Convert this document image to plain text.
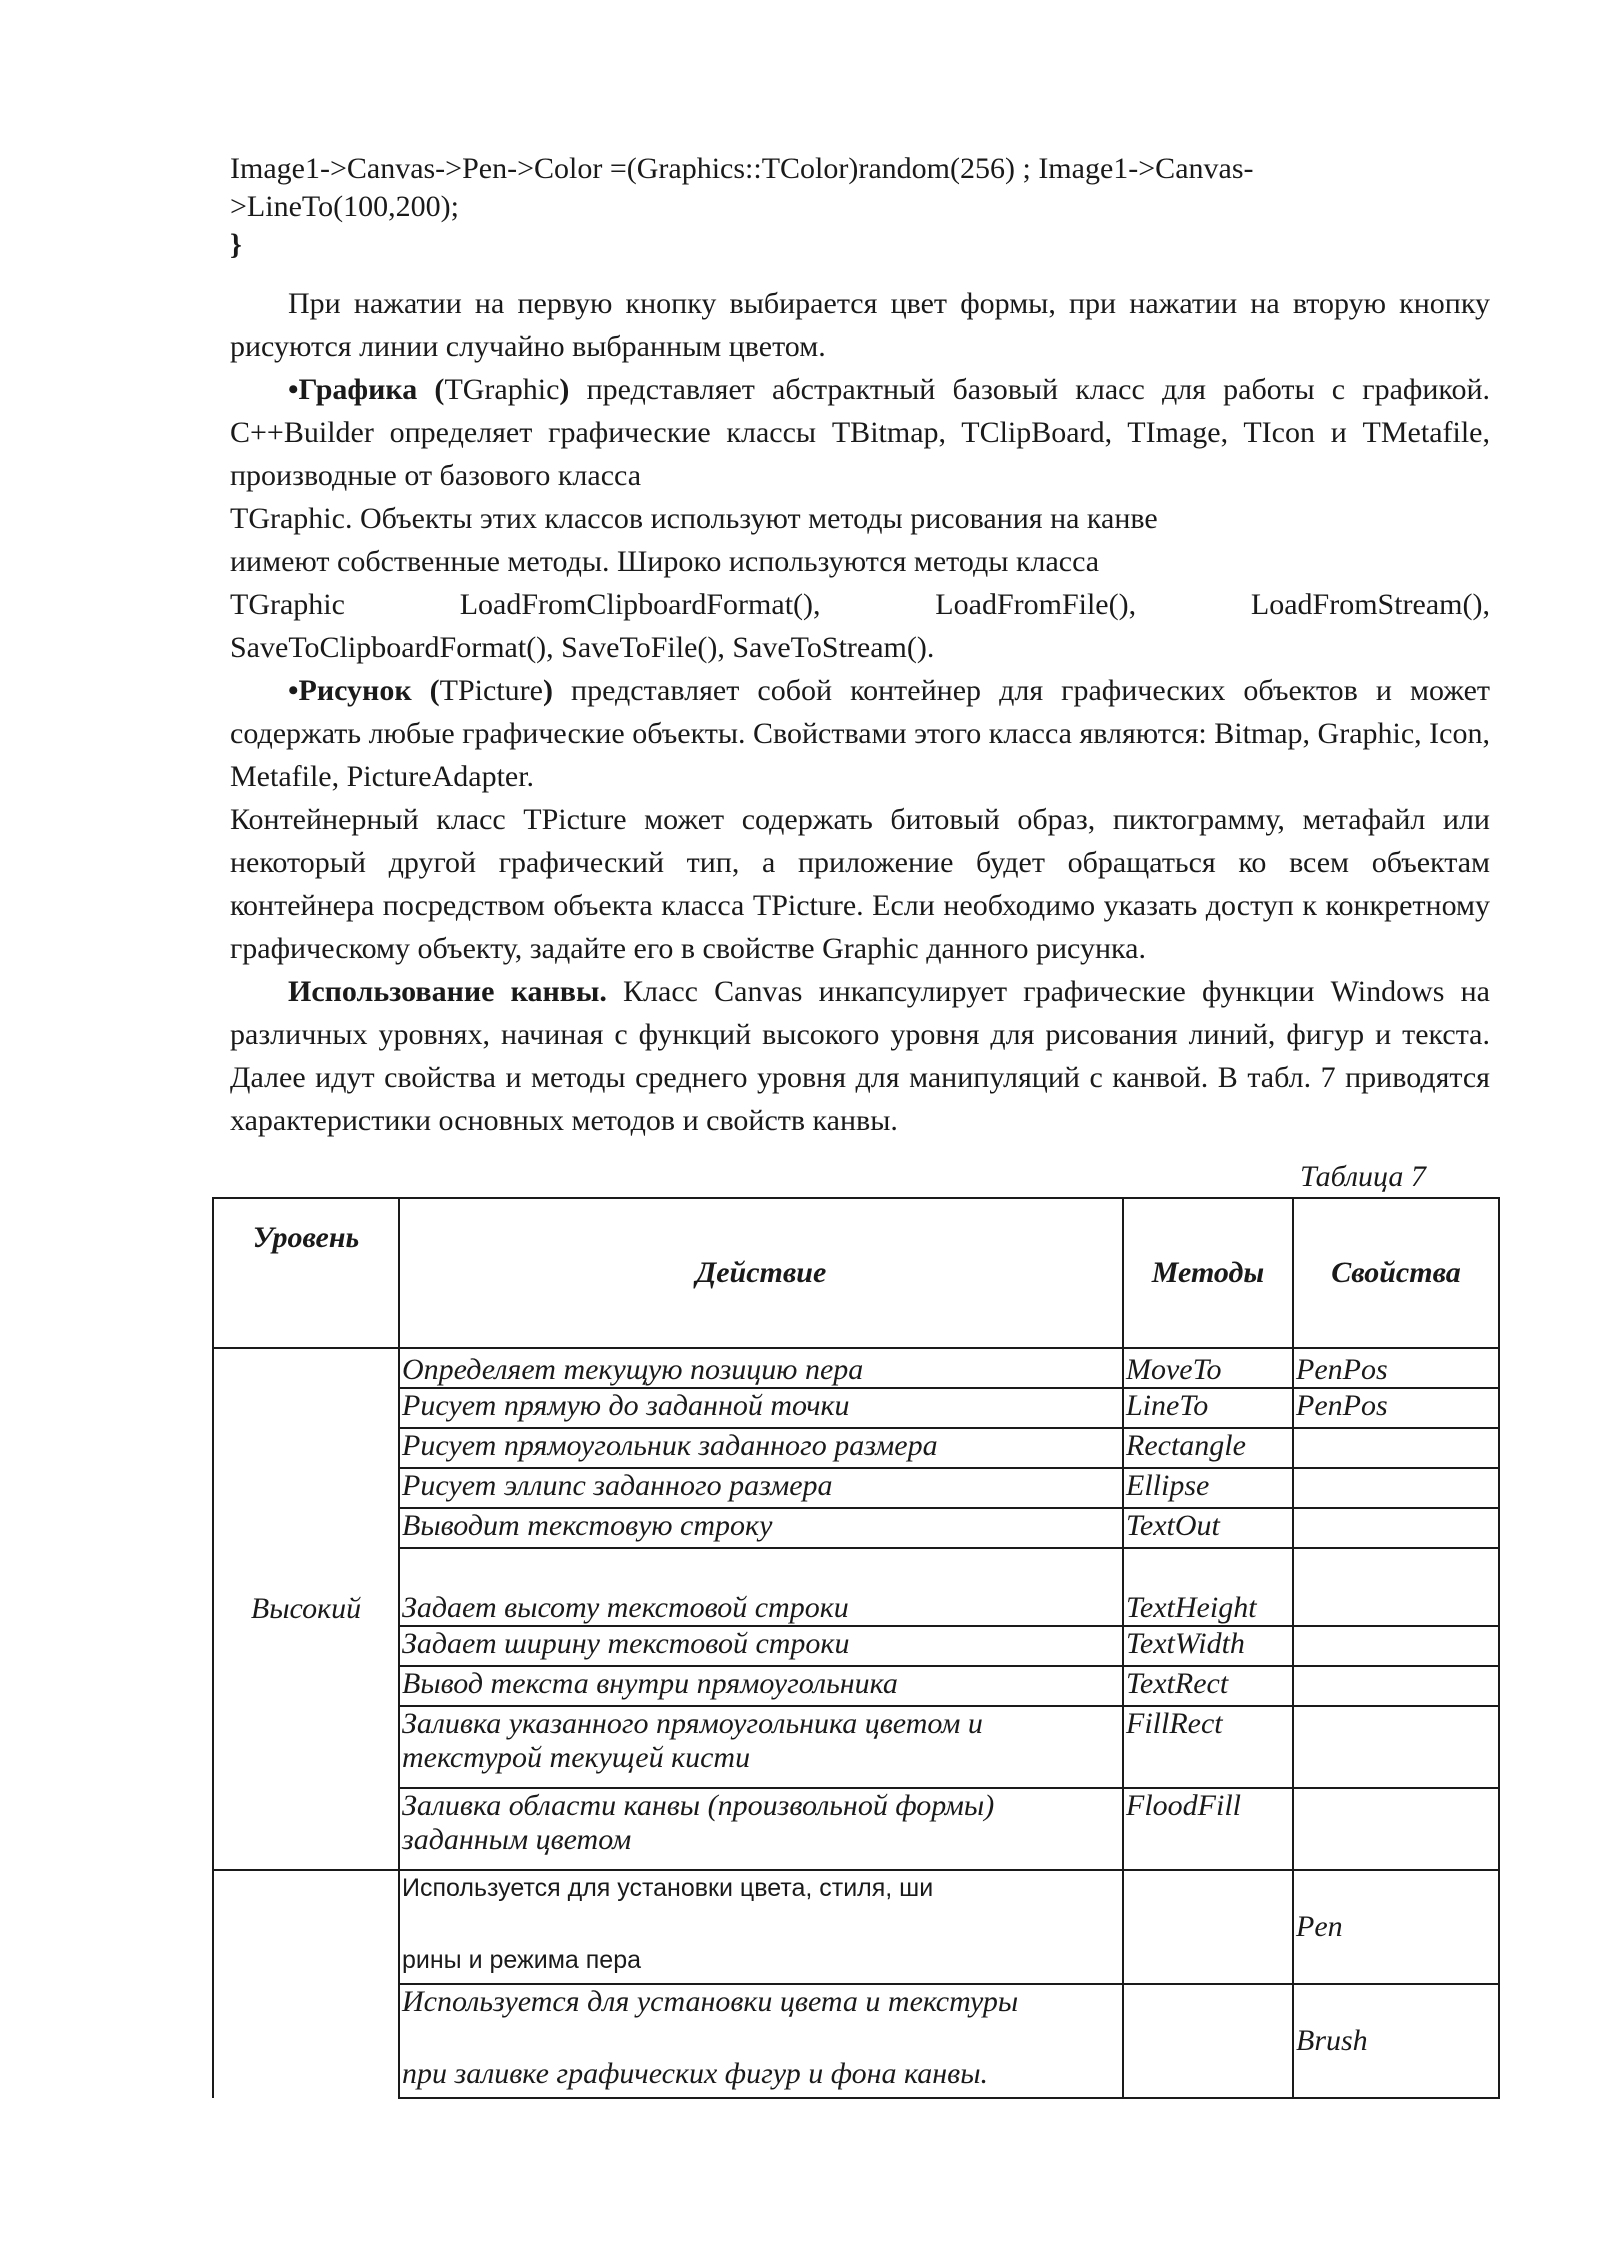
Image1->Canvas->Pen->Color =(Graphics::TColor)random(256) ; Image1->Canvas-
>LineTo(100,200);
}

При нажатии на первую кнопку выбирается цвет формы, при нажатии на вторую кнопку рисуются линии случайно выбранным цветом.

•Графика (TGraphic) представляет абстрактный базовый класс для работы с графикой. C++Builder определяет графические классы TBitmap, TClipBoard, TImage, TIcon и TMetafile, производные от базового класса

TGraphic. Объекты этих классов используют методы рисования на канве

иимеют собственные методы. Широко используются методы класса

TGraphic	LoadFromClipboardFormat(),	LoadFromFile(),	LoadFromStream(),

SaveToClipboardFormat(), SaveToFile(), SaveToStream().

•Рисунок (TPicture) представляет собой контейнер для графических объектов и может содержать любые графические объекты. Свойствами этого класса являются: Bitmap, Graphic, Icon, Metafile, PictureAdapter.

Контейнерный класс TPicture может содержать битовый образ, пиктограмму, метафайл или некоторый другой графический тип, а приложение будет обращаться ко всем объектам контейнера посредством объекта класса TPicture. Если необходимо указать доступ к конкретному графическому объекту, задайте его в свойстве Graphic данного рисунка.

Использование канвы. Класс Canvas инкапсулирует графические функции Windows на различных уровнях, начиная с функций высокого уровня для рисования линий, фигур и текста. Далее идут свойства и методы среднего уровня для манипуляций с канвой. В табл. 7 приводятся характеристики основных методов и свойств канвы.

Таблица 7
Уровень	Действие	Методы	Свойства
Высокий	Определяет текущую позицию пера	MoveTo	PenPos
	Рисует прямую до заданной точки	LineTo	PenPos
	Рисует прямоугольник заданного размера	Rectangle	
	Рисует эллипс заданного размера	Ellipse	
	Выводит текстовую строку	TextOut	
	Задает высоту текстовой строки	TextHeight	
	Задает ширину текстовой строки	TextWidth	
	Вывод текста внутри прямоугольника	TextRect	

	Заливка указанного прямоугольника цветом и
текстурой текущей кисти	FillRect	

	Заливка области канвы (произвольной формы)
заданным цветом	FloodFill	

	Используется для установки цвета, стиля, ши
рины и режима пера		Pen

	Используется для установки цвета и текстуры
при заливке графических фигур и фона канвы.		Brush
